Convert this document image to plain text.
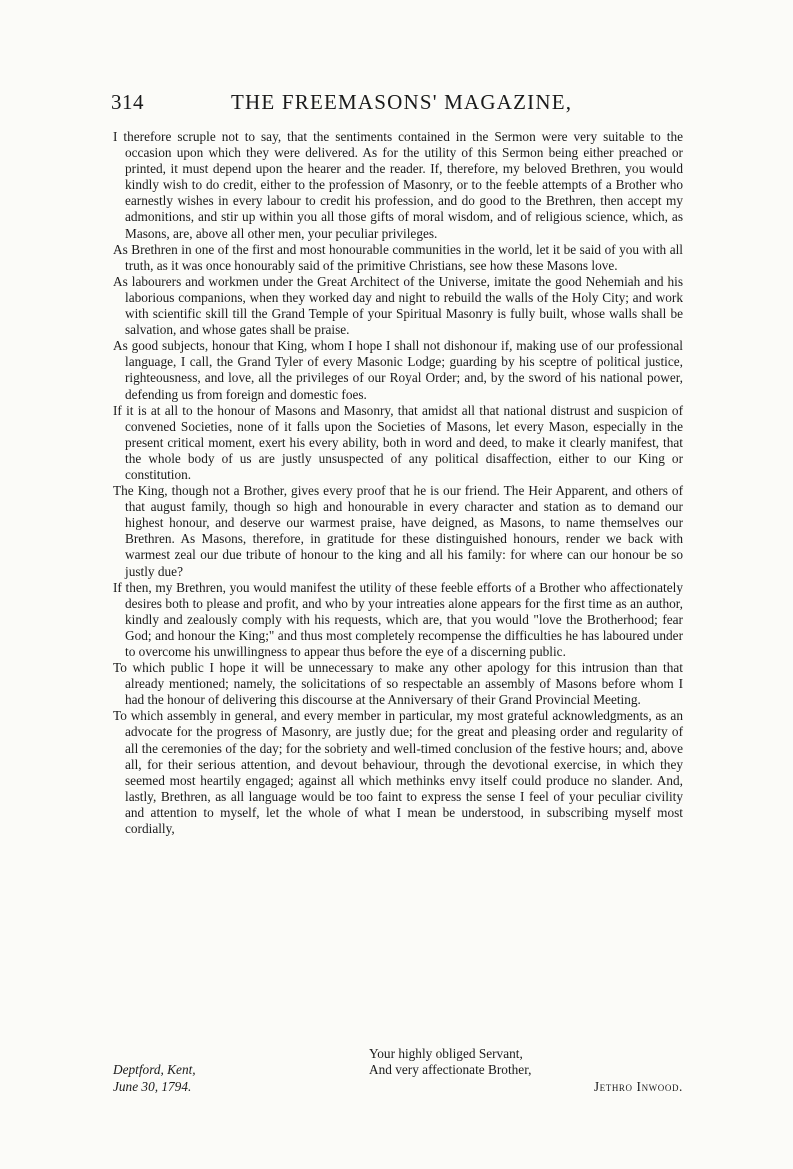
314	THE FREEMASONS' MAGAZINE,

I therefore scruple not to say, that the sentiments contained in the Sermon were very suitable to the occasion upon which they were delivered. As for the utility of this Sermon being either preached or printed, it must depend upon the hearer and the reader. If, therefore, my beloved Brethren, you would kindly wish to do credit, either to the profession of Masonry, or to the feeble attempts of a Brother who earnestly wishes in every labour to credit his profession, and do good to the Brethren, then accept my admonitions, and stir up within you all those gifts of moral wisdom, and of religious science, which, as Masons, are, above all other men, your peculiar privileges.

As Brethren in one of the first and most honourable communities in the world, let it be said of you with all truth, as it was once honourably said of the primitive Christians, see how these Masons love.

As labourers and workmen under the Great Architect of the Universe, imitate the good Nehemiah and his laborious companions, when they worked day and night to rebuild the walls of the Holy City; and work with scientific skill till the Grand Temple of your Spiritual Masonry is fully built, whose walls shall be salvation, and whose gates shall be praise.

As good subjects, honour that King, whom I hope I shall not dishonour if, making use of our professional language, I call, the Grand Tyler of every Masonic Lodge; guarding by his sceptre of political justice, righteousness, and love, all the privileges of our Royal Order; and, by the sword of his national power, defending us from foreign and domestic foes.

If it is at all to the honour of Masons and Masonry, that amidst all that national distrust and suspicion of convened Societies, none of it falls upon the Societies of Masons, let every Mason, especially in the present critical moment, exert his every ability, both in word and deed, to make it clearly manifest, that the whole body of us are justly unsuspected of any political disaffection, either to our King or constitution.

The King, though not a Brother, gives every proof that he is our friend. The Heir Apparent, and others of that august family, though so high and honourable in every character and station as to demand our highest honour, and deserve our warmest praise, have deigned, as Masons, to name themselves our Brethren. As Masons, therefore, in gratitude for these distinguished honours, render we back with warmest zeal our due tribute of honour to the king and all his family: for where can our honour be so justly due?

If then, my Brethren, you would manifest the utility of these feeble efforts of a Brother who affectionately desires both to please and profit, and who by your intreaties alone appears for the first time as an author, kindly and zealously comply with his requests, which are, that you would "love the Brotherhood; fear God; and honour the King;" and thus most completely recompense the difficulties he has laboured under to overcome his unwillingness to appear thus before the eye of a discerning public.

To which public I hope it will be unnecessary to make any other apology for this intrusion than that already mentioned; namely, the solicitations of so respectable an assembly of Masons before whom I had the honour of delivering this discourse at the Anniversary of their Grand Provincial Meeting.

To which assembly in general, and every member in particular, my most grateful acknowledgments, as an advocate for the progress of Masonry, are justly due; for the great and pleasing order and regularity of all the ceremonies of the day; for the sobriety and well-timed conclusion of the festive hours; and, above all, for their serious attention, and devout behaviour, through the devotional exercise, in which they seemed most heartily engaged; against all which methinks envy itself could produce no slander. And, lastly, Brethren, as all language would be too faint to express the sense I feel of your peculiar civility and attention to myself, let the whole of what I mean be understood, in subscribing myself most cordially,

Your highly obliged Servant,
Deptford, Kent,	And very affectionate Brother,
June 30, 1794.	Jethro Inwood.
